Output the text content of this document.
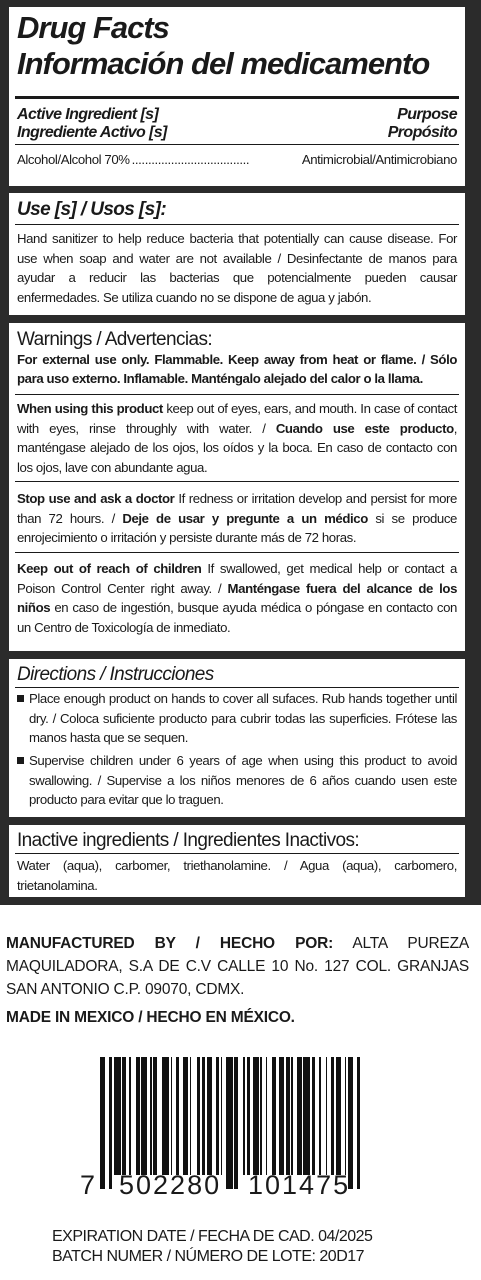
Drug Facts
Información del medicamento
Active Ingredient [s]
Ingrediente Activo [s]
Purpose
Propósito
Alcohol/Alcohol 70% ....................................	Antimicrobial/Antimicrobiano
Use [s] / Usos [s]:
Hand sanitizer to help reduce bacteria that potentially can cause disease. For use when soap and water are not available / Desinfectante de manos para ayudar a reducir las bacterias que potencialmente pueden causar enfermedades. Se utiliza cuando no se dispone de agua y jabón.
Warnings / Advertencias:
For external use only. Flammable. Keep away from heat or flame. / Sólo para uso externo. Inflamable. Manténgalo alejado del calor o la llama.
When using this product keep out of eyes, ears, and mouth. In case of contact with eyes, rinse throughly with water. / Cuando use este producto, manténgase alejado de los ojos, los oídos y la boca. En caso de contacto con los ojos, lave con abundante agua.
Stop use and ask a doctor If redness or irritation develop and persist for more than 72 hours. / Deje de usar y pregunte a un médico si se produce enrojecimiento o irritación y persiste durante más de 72 horas.
Keep out of reach of children If swallowed, get medical help or contact a Poison Control Center right away. / Manténgase fuera del alcance de los niños en caso de ingestión, busque ayuda médica o póngase en contacto con un Centro de Toxicología de inmediato.
Directions / Instrucciones
Place enough product on hands to cover all sufaces. Rub hands together until dry. / Coloca suficiente producto para cubrir todas las superficies. Frótese las manos hasta que se sequen.
Supervise children under 6 years of age when using this product to avoid swallowing. / Supervise a los niños menores de 6 años cuando usen este producto para evitar que lo traguen.
Inactive ingredients / Ingredientes Inactivos:
Water (aqua), carbomer, triethanolamine. / Agua (aqua), carbomero, trietanolamina.
MANUFACTURED BY / HECHO POR: ALTA PUREZA MAQUILADORA, S.A DE C.V CALLE 10 No. 127 COL. GRANJAS SAN ANTONIO C.P. 09070, CDMX.
MADE IN MEXICO / HECHO EN MÉXICO.
7 502280 101475
EXPIRATION DATE / FECHA DE CAD. 04/2025
BATCH NUMER / NÚMERO DE LOTE: 20D17
